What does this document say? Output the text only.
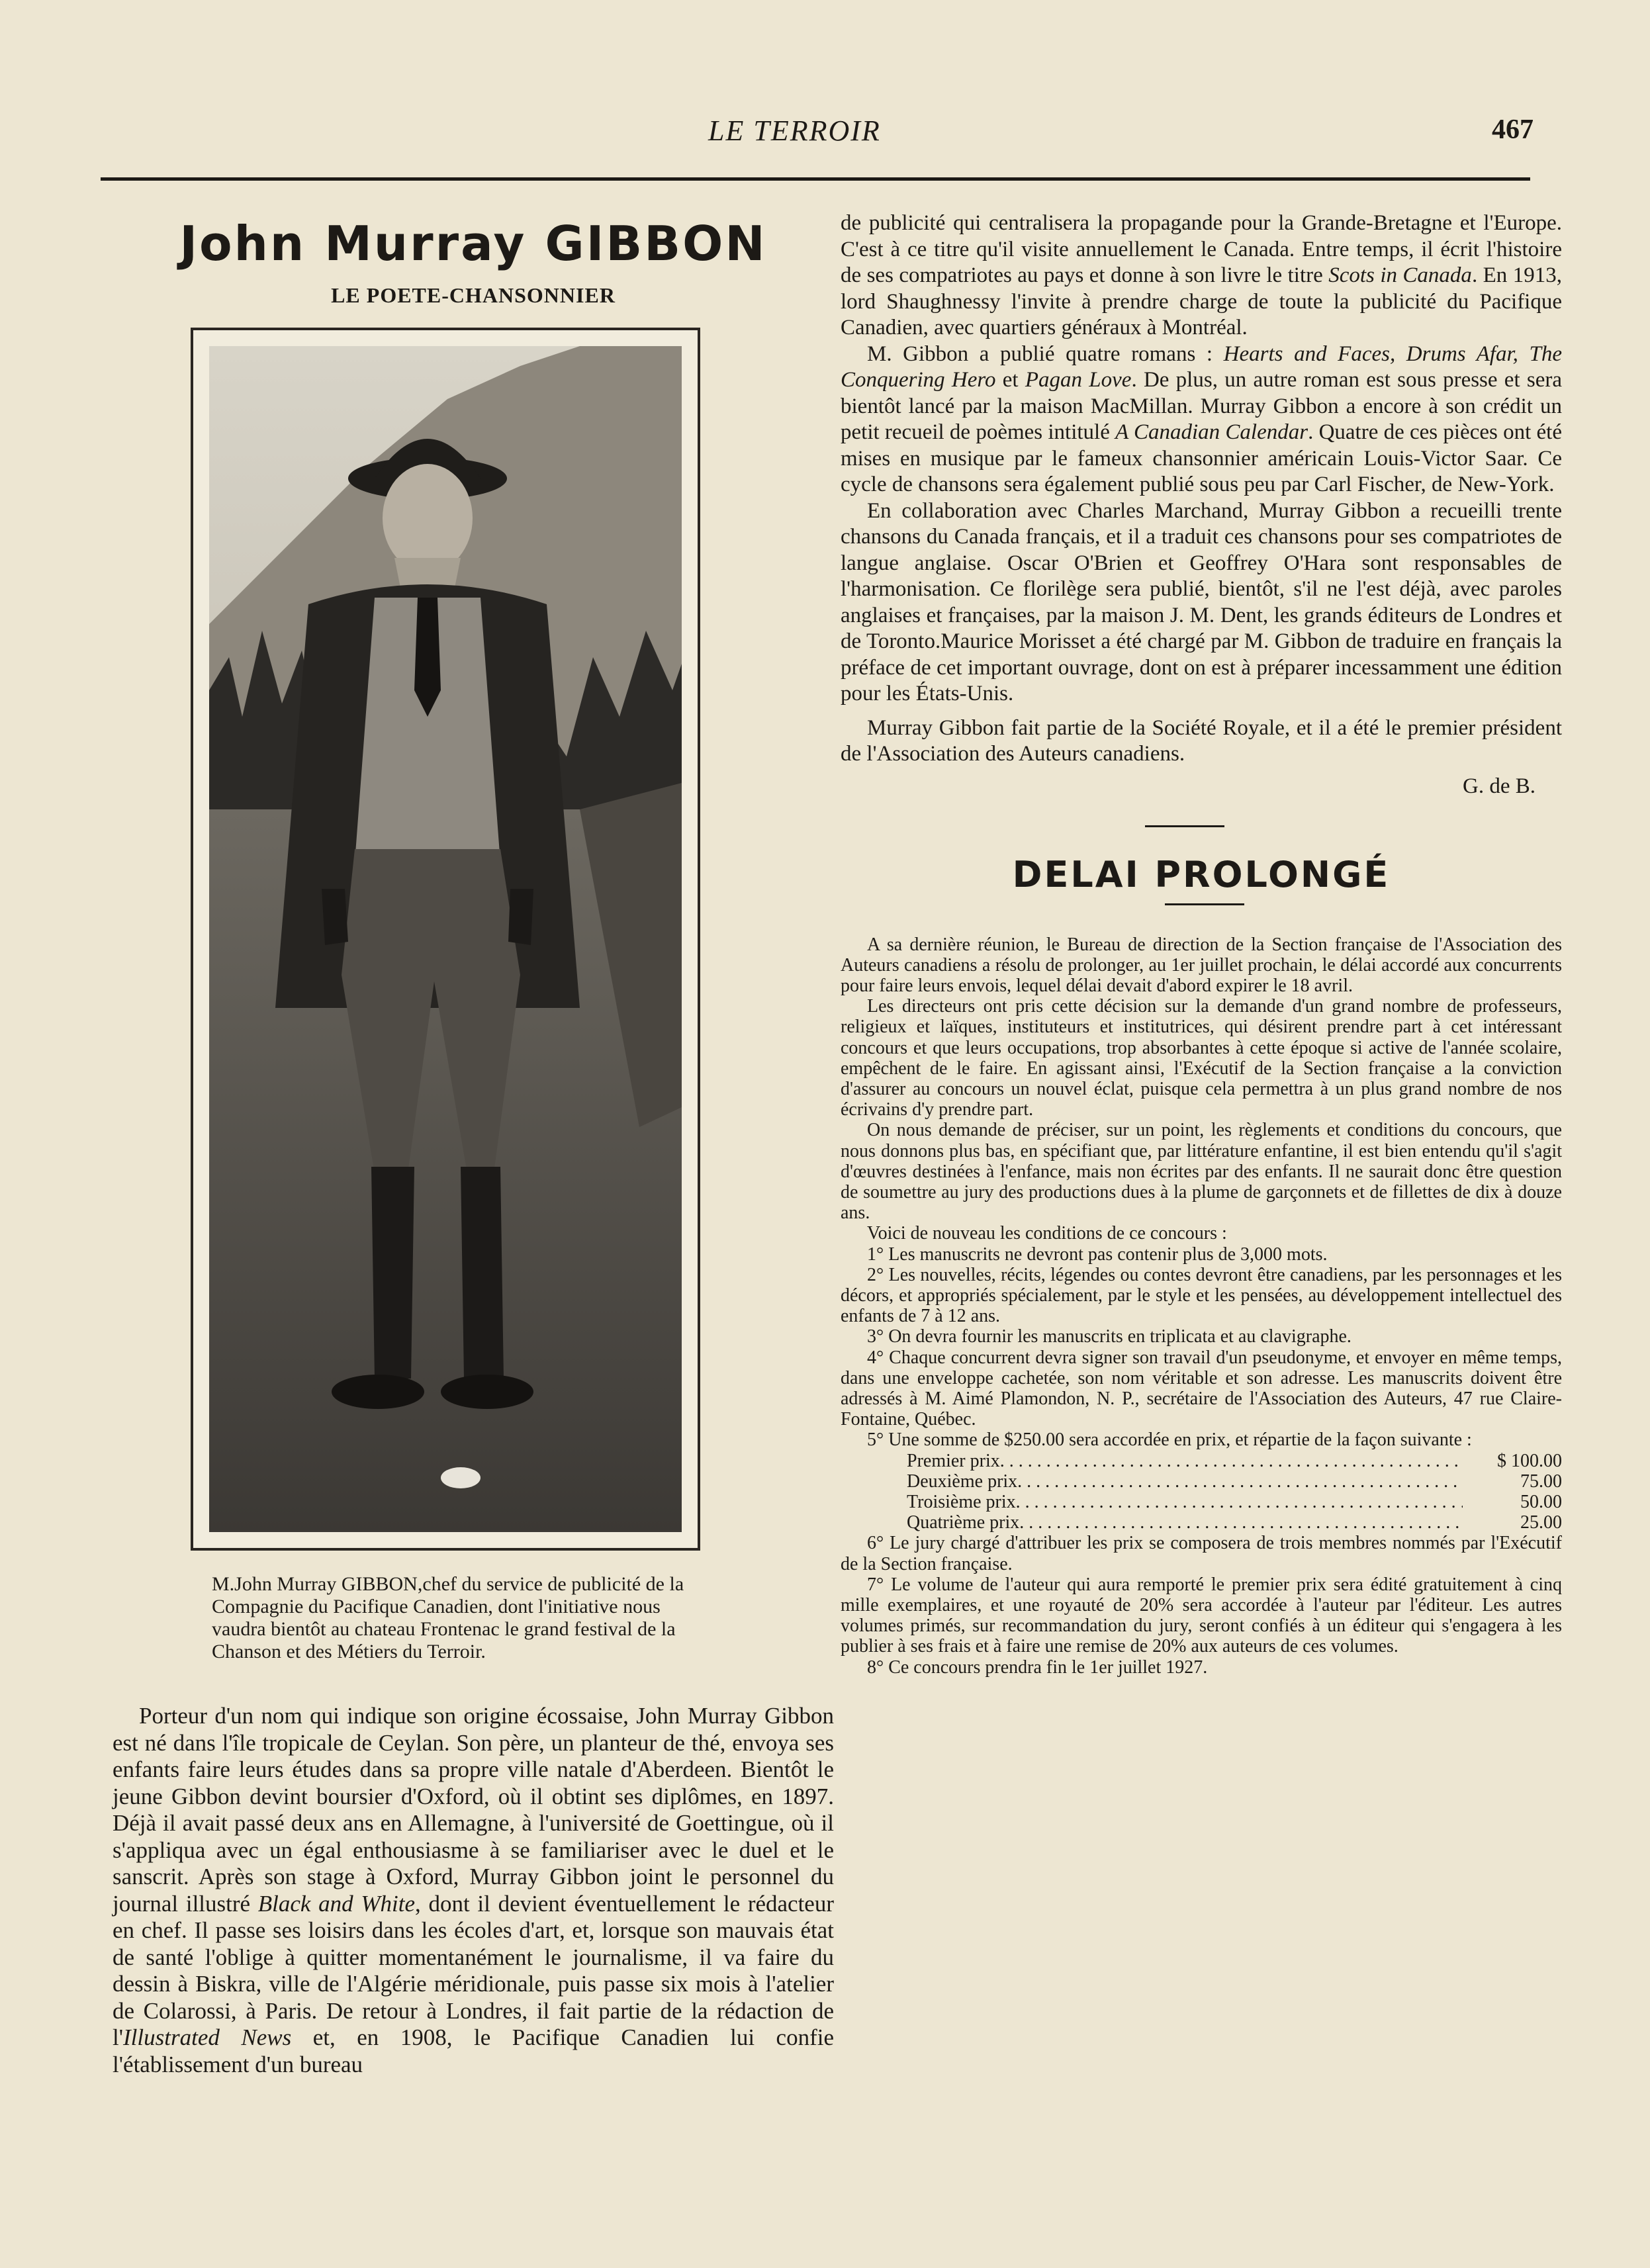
LE TERROIR	467
John Murray GIBBON
LE POETE-CHANSONNIER
M.John Murray GIBBON,chef du service de publicité de la Compagnie du Pacifique Canadien, dont l'initiative nous vaudra bientôt au chateau Frontenac le grand festival de la Chanson et des Métiers du Terroir.

Porteur d'un nom qui indique son origine écossaise, John Murray Gibbon est né dans l'île tropicale de Ceylan. Son père, un planteur de thé, envoya ses enfants faire leurs études dans sa propre ville natale d'Aberdeen. Bientôt le jeune Gibbon devint boursier d'Oxford, où il obtint ses diplômes, en 1897. Déjà il avait passé deux ans en Allemagne, à l'université de Goettingue, où il s'appliqua avec un égal enthousiasme à se familiariser avec le duel et le sanscrit. Après son stage à Oxford, Murray Gibbon joint le personnel du journal illustré Black and White, dont il devient éventuellement le rédacteur en chef. Il passe ses loisirs dans les écoles d'art, et, lorsque son mauvais état de santé l'oblige à quitter momentanément le journalisme, il va faire du dessin à Biskra, ville de l'Algérie méridionale, puis passe six mois à l'atelier de Colarossi, à Paris. De retour à Londres, il fait partie de la rédaction de l'Illustrated News et, en 1908, le Pacifique Canadien lui confie l'établissement d'un bureau

de publicité qui centralisera la propagande pour la Grande-Bretagne et l'Europe. C'est à ce titre qu'il visite annuellement le Canada. Entre temps, il écrit l'histoire de ses compatriotes au pays et donne à son livre le titre Scots in Canada. En 1913, lord Shaughnessy l'invite à prendre charge de toute la publicité du Pacifique Canadien, avec quartiers généraux à Montréal.

M. Gibbon a publié quatre romans : Hearts and Faces, Drums Afar, The Conquering Hero et Pagan Love. De plus, un autre roman est sous presse et sera bientôt lancé par la maison MacMillan. Murray Gibbon a encore à son crédit un petit recueil de poèmes intitulé A Canadian Calendar. Quatre de ces pièces ont été mises en musique par le fameux chansonnier américain Louis-Victor Saar. Ce cycle de chansons sera également publié sous peu par Carl Fischer, de New-York.

En collaboration avec Charles Marchand, Murray Gibbon a recueilli trente chansons du Canada français, et il a traduit ces chansons pour ses compatriotes de langue anglaise. Oscar O'Brien et Geoffrey O'Hara sont responsables de l'harmonisation. Ce florilège sera publié, bientôt, s'il ne l'est déjà, avec paroles anglaises et françaises, par la maison J. M. Dent, les grands éditeurs de Londres et de Toronto.Maurice Morisset a été chargé par M. Gibbon de traduire en français la préface de cet important ouvrage, dont on est à préparer incessamment une édition pour les États-Unis.

Murray Gibbon fait partie de la Société Royale, et il a été le premier président de l'Association des Auteurs canadiens.

G. de B.
DELAI PROLONGÉ

A sa dernière réunion, le Bureau de direction de la Section française de l'Association des Auteurs canadiens a résolu de prolonger, au 1er juillet prochain, le délai accordé aux concurrents pour faire leurs envois, lequel délai devait d'abord expirer le 18 avril.

Les directeurs ont pris cette décision sur la demande d'un grand nombre de professeurs, religieux et laïques, instituteurs et institutrices, qui désirent prendre part à cet intéressant concours et que leurs occupations, trop absorbantes à cette époque si active de l'année scolaire, empêchent de le faire. En agissant ainsi, l'Exécutif de la Section française a la conviction d'assurer au concours un nouvel éclat, puisque cela permettra à un plus grand nombre de nos écrivains d'y prendre part.

On nous demande de préciser, sur un point, les règlements et conditions du concours, que nous donnons plus bas, en spécifiant que, par littérature enfantine, il est bien entendu qu'il s'agit d'œuvres destinées à l'enfance, mais non écrites par des enfants. Il ne saurait donc être question de soumettre au jury des productions dues à la plume de garçonnets et de fillettes de dix à douze ans.

Voici de nouveau les conditions de ce concours :

1° Les manuscrits ne devront pas contenir plus de 3,000 mots.

2° Les nouvelles, récits, légendes ou contes devront être canadiens, par les personnages et les décors, et appropriés spécialement, par le style et les pensées, au développement intellectuel des enfants de 7 à 12 ans.

3° On devra fournir les manuscrits en triplicata et au clavigraphe.

4° Chaque concurrent devra signer son travail d'un pseudonyme, et envoyer en même temps, dans une enveloppe cachetée, son nom véritable et son adresse. Les manuscrits doivent être adressés à M. Aimé Plamondon, N. P., secrétaire de l'Association des Auteurs, 47 rue Claire-Fontaine, Québec.

5° Une somme de $250.00 sera accordée en prix, et répartie de la façon suivante :

Premier prix . . .	$ 100.00
Deuxième prix . . .	75.00
Troisième prix . . .	50.00
Quatrième prix . . .	25.00

6° Le jury chargé d'attribuer les prix se composera de trois membres nommés par l'Exécutif de la Section française.

7° Le volume de l'auteur qui aura remporté le premier prix sera édité gratuitement à cinq mille exemplaires, et une royauté de 20% sera accordée à l'auteur par l'éditeur. Les autres volumes primés, sur recommandation du jury, seront confiés à un éditeur qui s'engagera à les publier à ses frais et à faire une remise de 20% aux auteurs de ces volumes.

8° Ce concours prendra fin le 1er juillet 1927.
